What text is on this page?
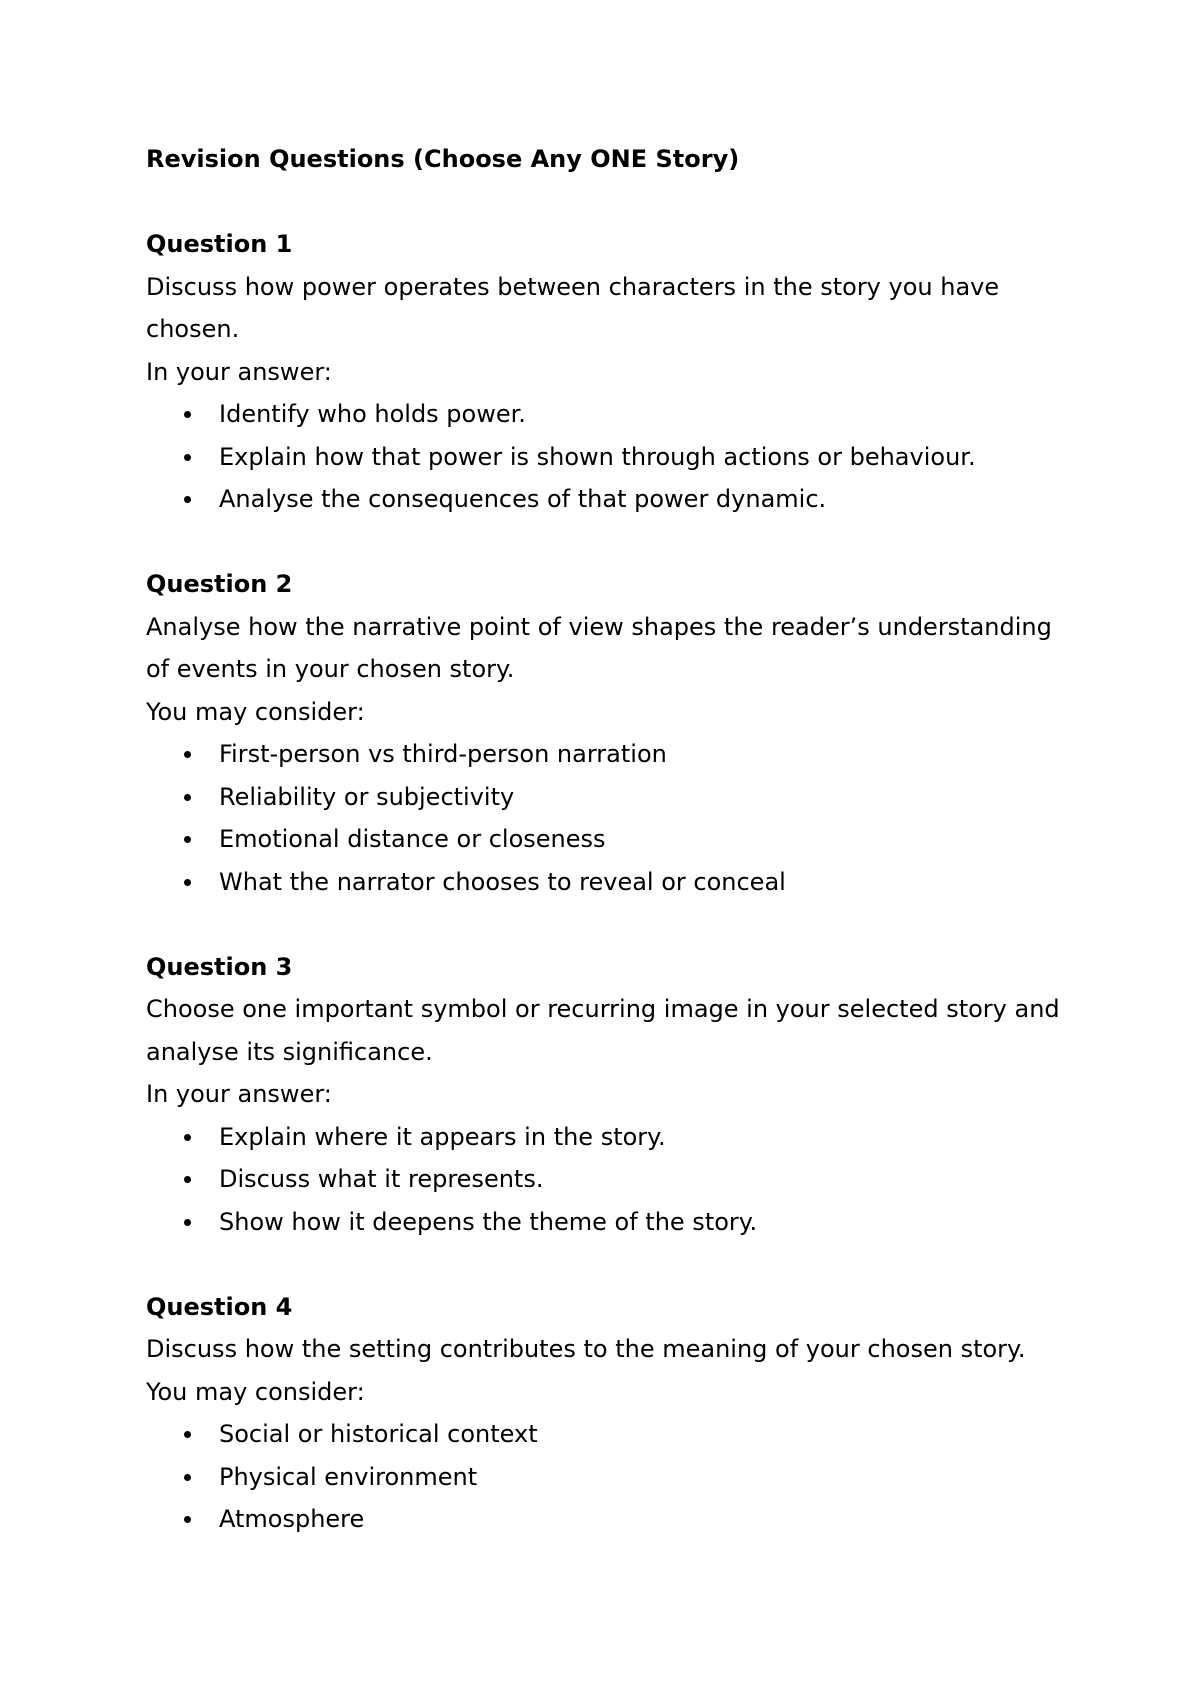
Revision Questions (Choose Any ONE Story)

Question 1

Discuss how power operates between characters in the story you have chosen.

In your answer:

Identify who holds power.
Explain how that power is shown through actions or behaviour.
Analyse the consequences of that power dynamic.

Question 2

Analyse how the narrative point of view shapes the reader’s understanding of events in your chosen story.

You may consider:

First-person vs third-person narration
Reliability or subjectivity
Emotional distance or closeness
What the narrator chooses to reveal or conceal

Question 3

Choose one important symbol or recurring image in your selected story and analyse its significance.

In your answer:

Explain where it appears in the story.
Discuss what it represents.
Show how it deepens the theme of the story.

Question 4

Discuss how the setting contributes to the meaning of your chosen story.

You may consider:

Social or historical context
Physical environment
Atmosphere
